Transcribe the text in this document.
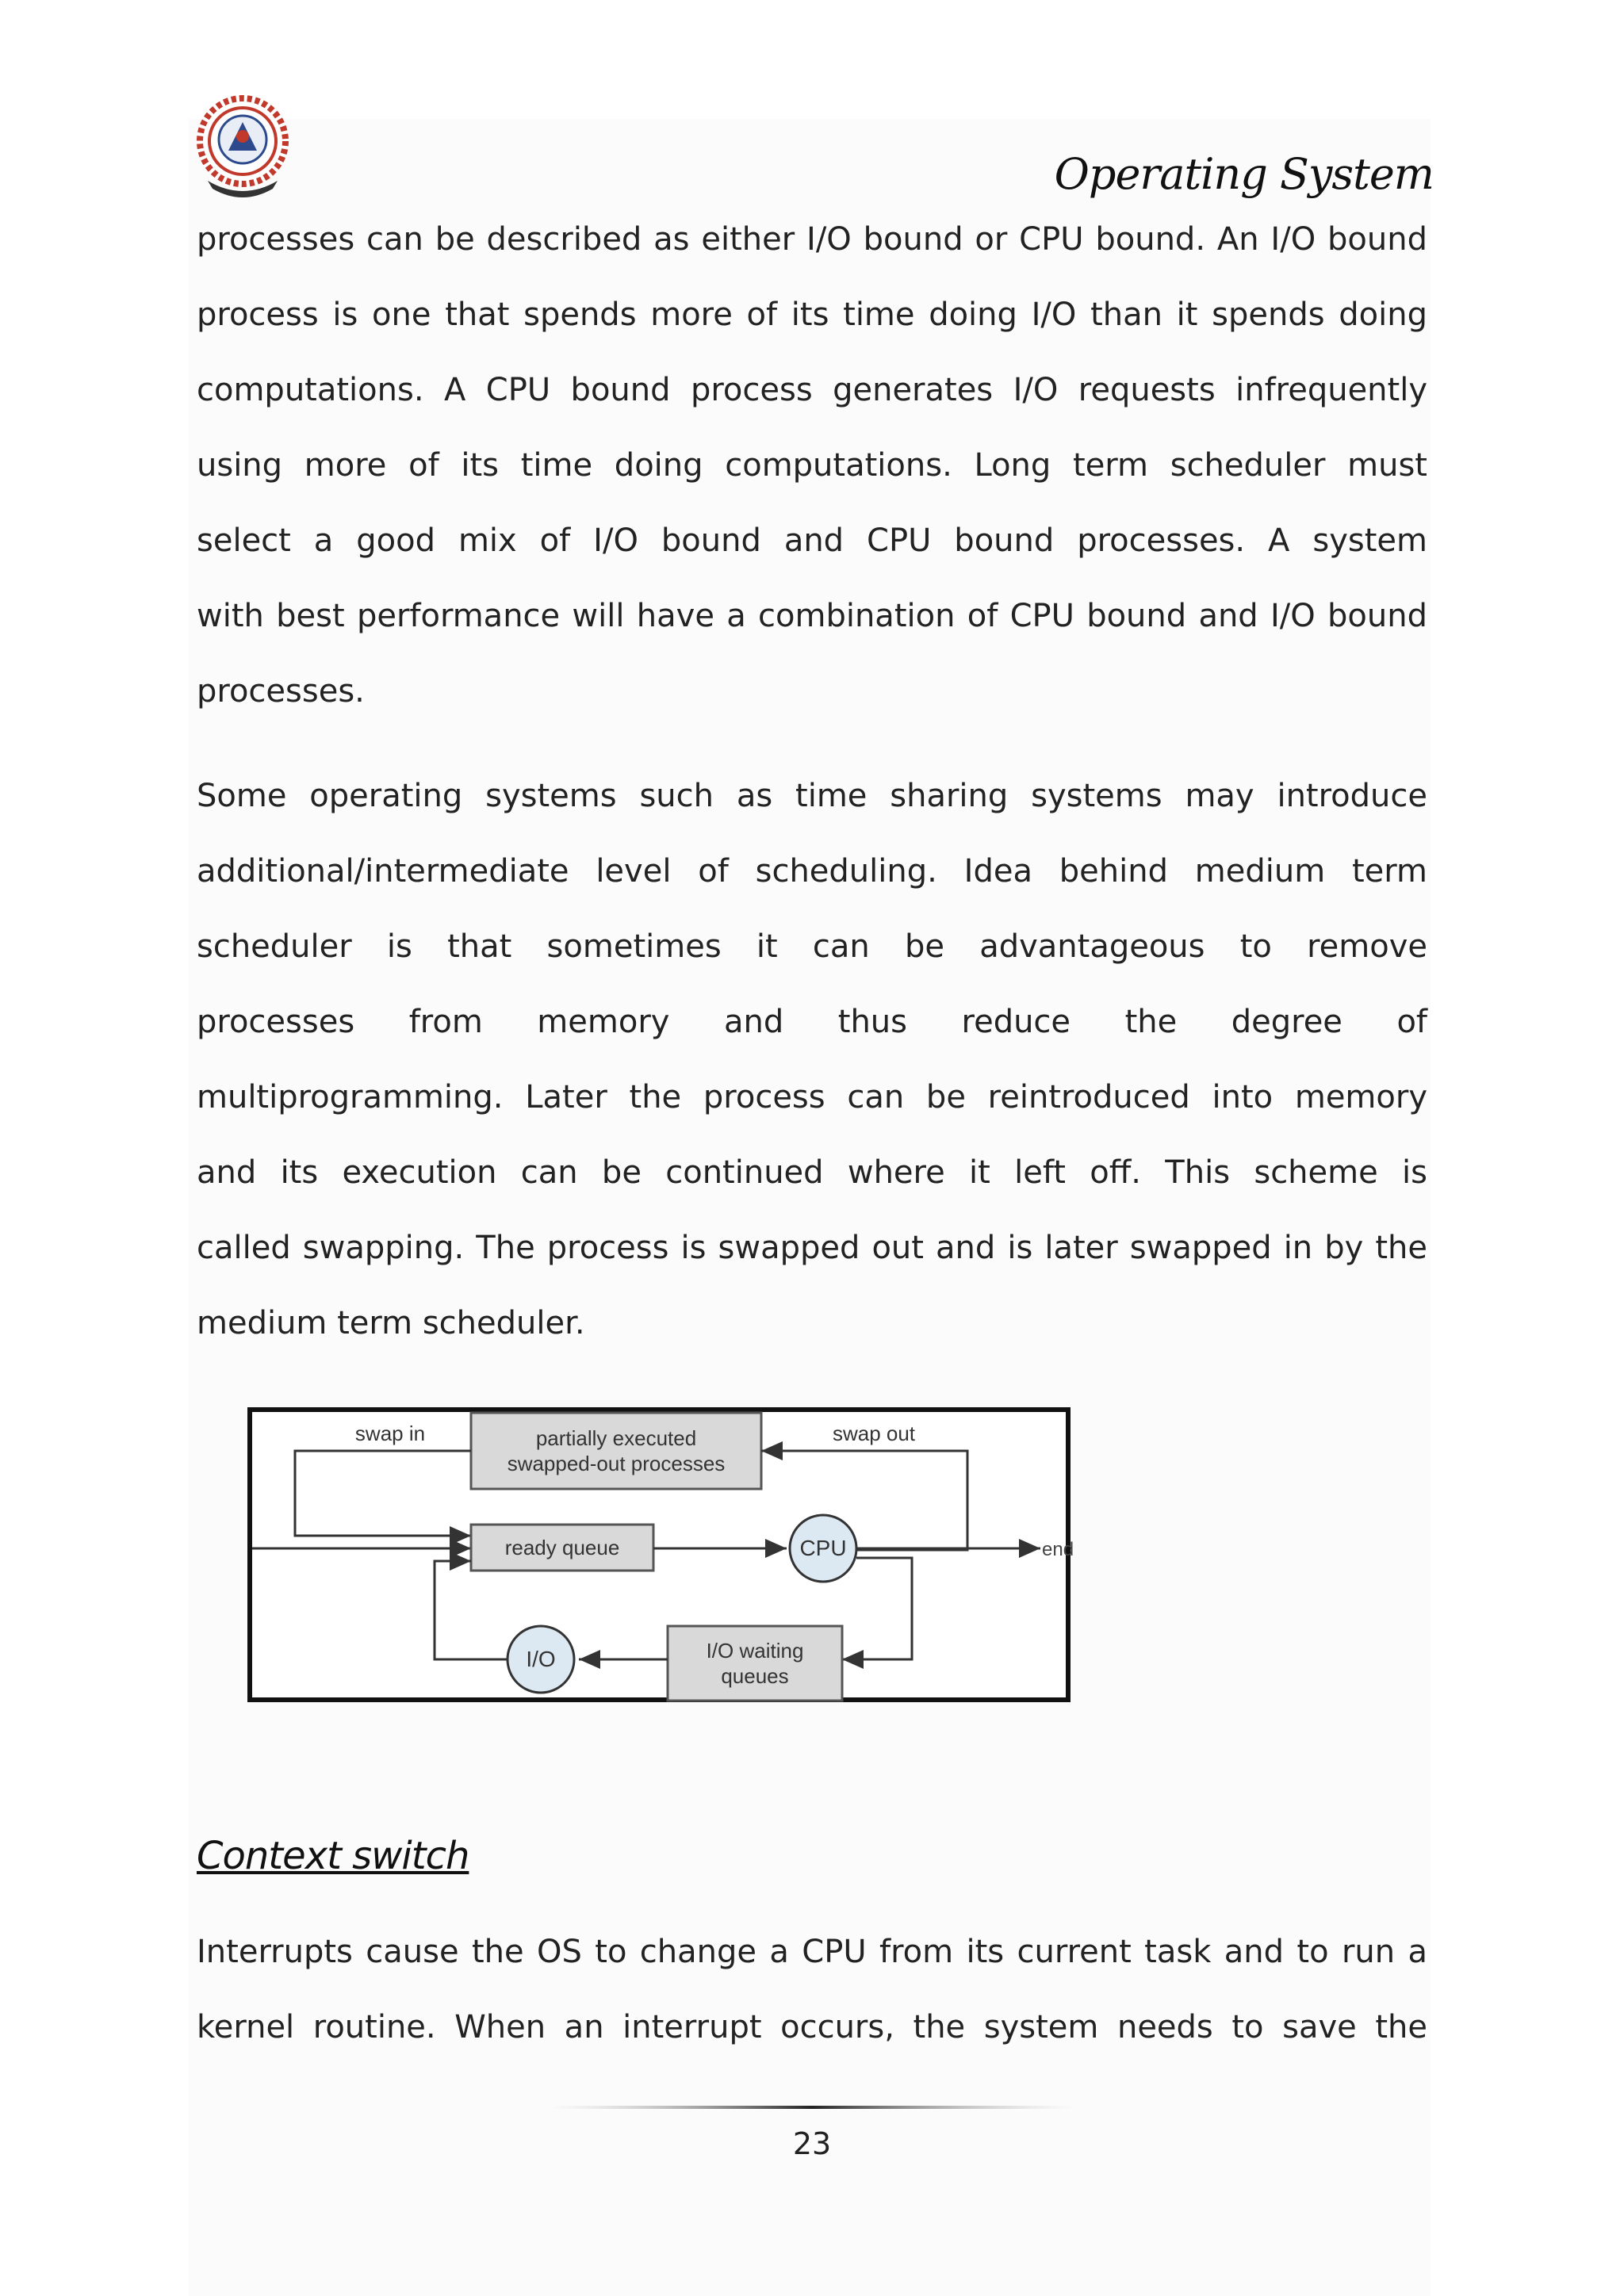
Operating System
processes can be described as either I/O bound or CPU bound. An I/O bound
process is one that spends more of its time doing I/O than it spends doing
computations. A CPU bound process generates I/O requests infrequently
using more of its time doing computations. Long term scheduler must
select a good mix of I/O bound and CPU bound processes. A system
with best performance will have a combination of CPU bound and I/O bound
processes.
Some operating systems such as time sharing systems may introduce
additional/intermediate level of scheduling. Idea behind medium term
scheduler is that sometimes it can be advantageous to remove
processes from memory and thus reduce the degree of
multiprogramming. Later the process can be reintroduced into memory
and its execution can be continued where it left off. This scheme is
called swapping. The process is swapped out and is later swapped in by the
medium term scheduler.
partially executed
swapped-out processes
swap in	swap out
ready queue	CPU	end
I/O waiting
queues
I/O
Context switch
Interrupts cause the OS to change a CPU from its current task and to run a
kernel routine. When an interrupt occurs, the system needs to save the
23
